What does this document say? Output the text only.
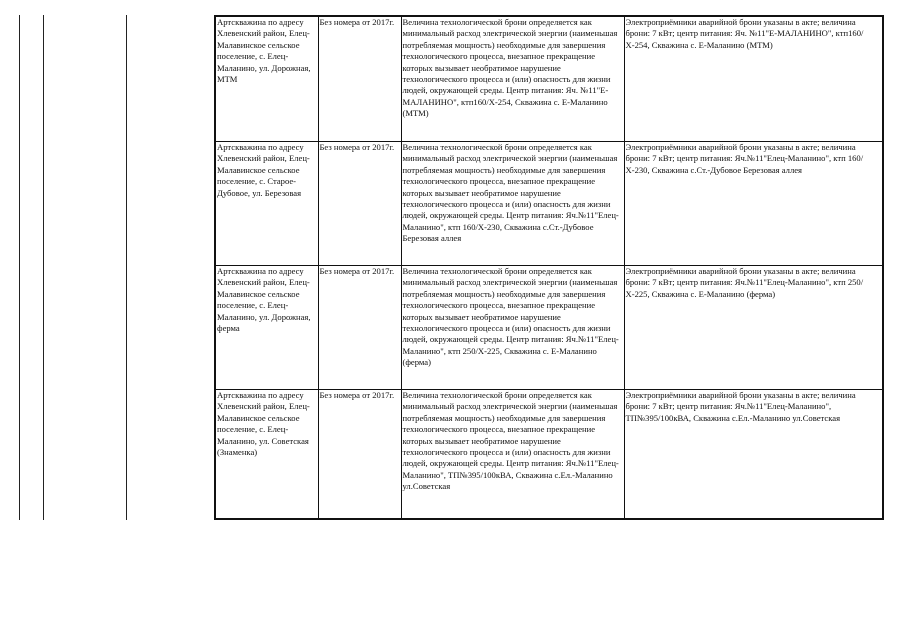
Артскважина по адресу Хлевенский район, Елец-Малавинское сельское поселение, с. Елец-Маланино, ул. Дорожная, МТМ	Без номера от 2017г.	Величина технологической брони определяется как минимальный расход электрической энергии (наименьшая потребляемая мощность) необходимые для завершения технологического процесса, внезапное прекращение которых вызывает необратимое нарушение технологического процесса и (или) опасность для жизни людей, окружающей среды. Центр питания: Яч. №11"Е-МАЛАНИНО", ктп160/Х-254, Скважина с. Е-Маланино (МТМ)	Электроприёмники аварийной брони указаны в акте; величина брони: 7 кВт; центр питания: Яч. №11"Е-МАЛАНИНО", ктп160/Х-254, Скважина с. Е-Маланино (МТМ)
Артскважина по адресу Хлевенский район, Елец-Малавинское сельское поселение, с. Старое-Дубовое, ул. Березовая	Без номера от 2017г.	Величина технологической брони определяется как минимальный расход электрической энергии (наименьшая потребляемая мощность) необходимые для завершения технологического процесса, внезапное прекращение которых вызывает необратимое нарушение технологического процесса и (или) опасность для жизни людей, окружающей среды. Центр питания: Яч.№11"Елец-Маланино", ктп 160/Х-230, Скважина с.Ст.-Дубовое Березовая аллея	Электроприёмники аварийной брони указаны в акте; величина брони: 7 кВт; центр питания: Яч.№11"Елец-Маланино", ктп 160/Х-230, Скважина с.Ст.-Дубовое Березовая аллея
Артскважина по адресу Хлевенский район, Елец-Малавинское сельское поселение, с. Елец-Маланино, ул. Дорожная, ферма	Без номера от 2017г.	Величина технологической брони определяется как минимальный расход электрической энергии (наименьшая потребляемая мощность) необходимые для завершения технологического процесса, внезапное прекращение которых вызывает необратимое нарушение технологического процесса и (или) опасность для жизни людей, окружающей среды. Центр питания: Яч.№11"Елец-Маланино", ктп 250/Х-225, Скважина с. Е-Маланино (ферма)	Электроприёмники аварийной брони указаны в акте; величина брони: 7 кВт; центр питания: Яч.№11"Елец-Маланино", ктп 250/Х-225, Скважина с. Е-Маланино (ферма)
Артскважина по адресу Хлевенский район, Елец-Малавинское сельское поселение, с. Елец-Маланино, ул. Советская (Знаменка)	Без номера от 2017г.	Величина технологической брони определяется как минимальный расход электрической энергии (наименьшая потребляемая мощность) необходимые для завершения технологического процесса, внезапное прекращение которых вызывает необратимое нарушение технологического процесса и (или) опасность для жизни людей, окружающей среды. Центр питания: Яч.№11"Елец-Маланино", ТП№395/100кВА, Скважина с.Ел.-Маланино ул.Советская	Электроприёмники аварийной брони указаны в акте; величина брони: 7 кВт; центр питания: Яч.№11"Елец-Маланино", ТП№395/100кВА, Скважина с.Ел.-Маланино ул.Советская
